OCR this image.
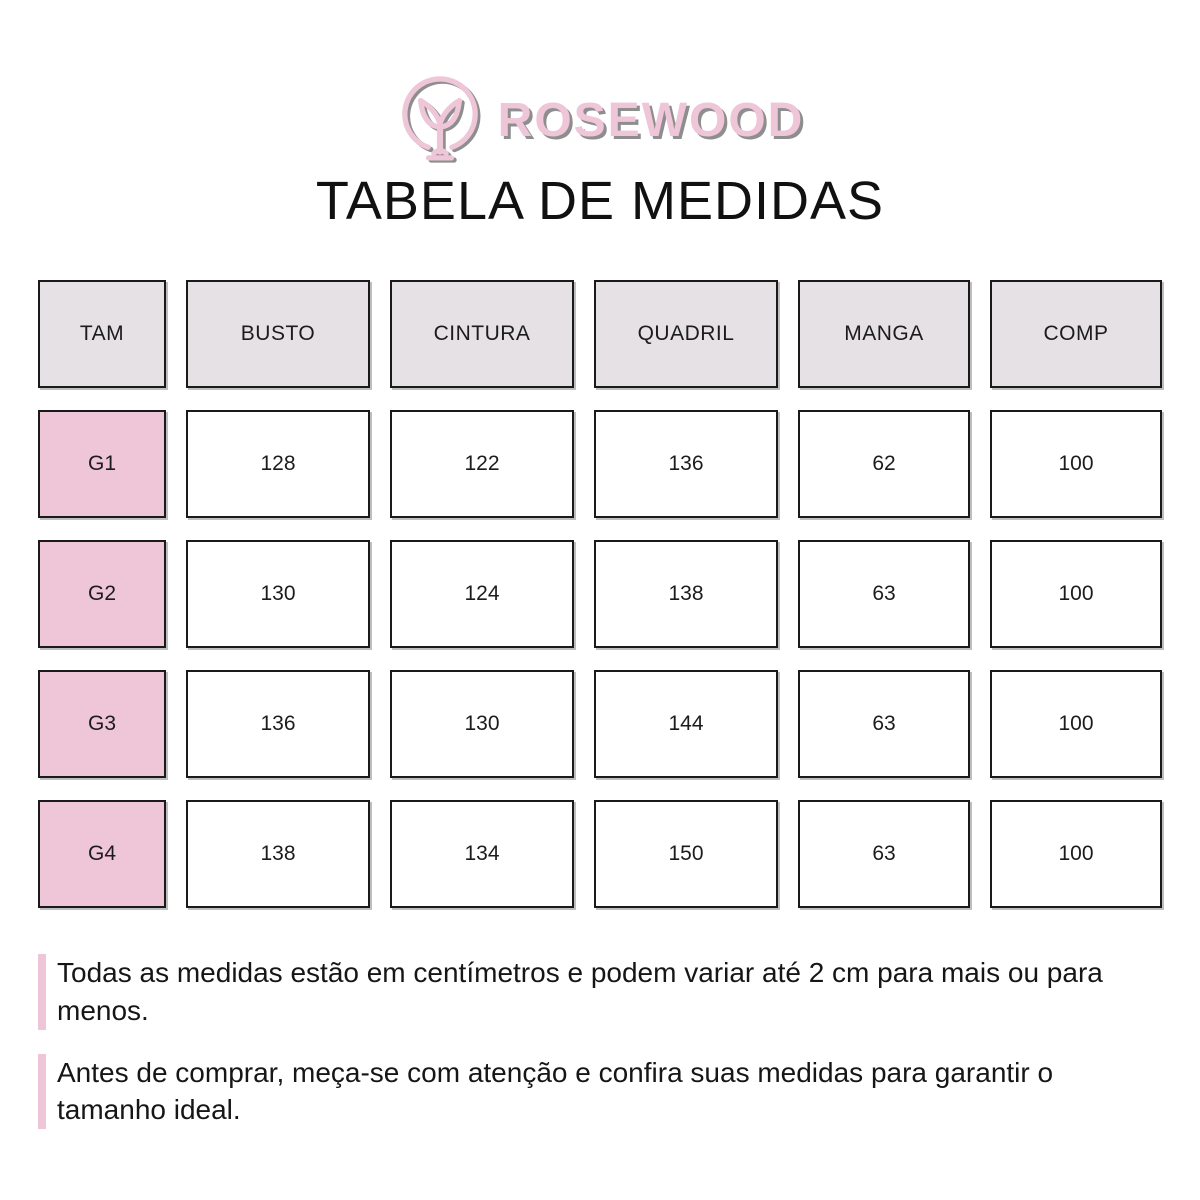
ROSEWOOD
TABELA DE MEDIDAS
TAM	BUSTO	CINTURA	QUADRIL	MANGA	COMP
G1	128	122	136	62	100
G2	130	124	138	63	100
G3	136	130	144	63	100
G4	138	134	150	63	100

Todas as medidas estão em centímetros e podem variar até 2 cm para mais ou para menos.

Antes de comprar, meça-se com atenção e confira suas medidas para garantir o tamanho ideal.
